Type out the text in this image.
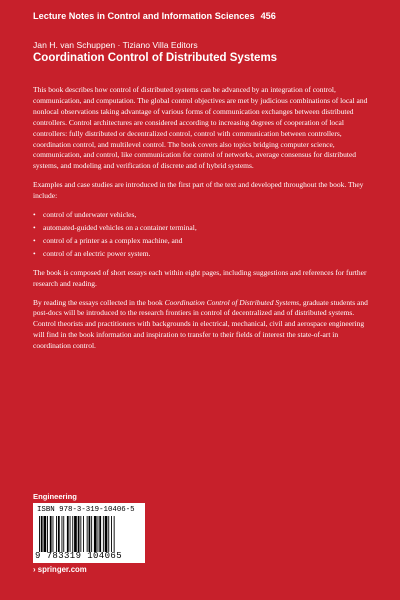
Lecture Notes in Control and Information Sciences 456
Jan H. van Schuppen · Tiziano Villa Editors
Coordination Control of Distributed Systems

This book describes how control of distributed systems can be advanced by an integration of control, communication, and computation. The global control objectives are met by judicious combinations of local and nonlocal observations taking advantage of various forms of communication exchanges between distributed controllers. Control architectures are considered according to increasing degrees of cooperation of local controllers: fully distributed or decentralized control, control with communication between controllers, coordination control, and multilevel control. The book covers also topics bridging computer science, communication, and control, like communication for control of networks, average consensus for distributed systems, and modeling and verification of discrete and of hybrid systems.

Examples and case studies are introduced in the first part of the text and developed throughout the book. They include:

• control of underwater vehicles,
• automated-guided vehicles on a container terminal,
• control of a printer as a complex machine, and
• control of an electric power system.

The book is composed of short essays each within eight pages, including suggestions and references for further research and reading.

By reading the essays collected in the book Coordination Control of Distributed Systems, graduate students and post-docs will be introduced to the research frontiers in control of decentralized and of distributed systems. Control theorists and practitioners with backgrounds in electrical, mechanical, civil and aerospace engineering will find in the book information and inspiration to transfer to their fields of interest the state-of-art in coordination control.

Engineering
ISBN 978-3-319-10406-5
9 783319 104065
› springer.com
